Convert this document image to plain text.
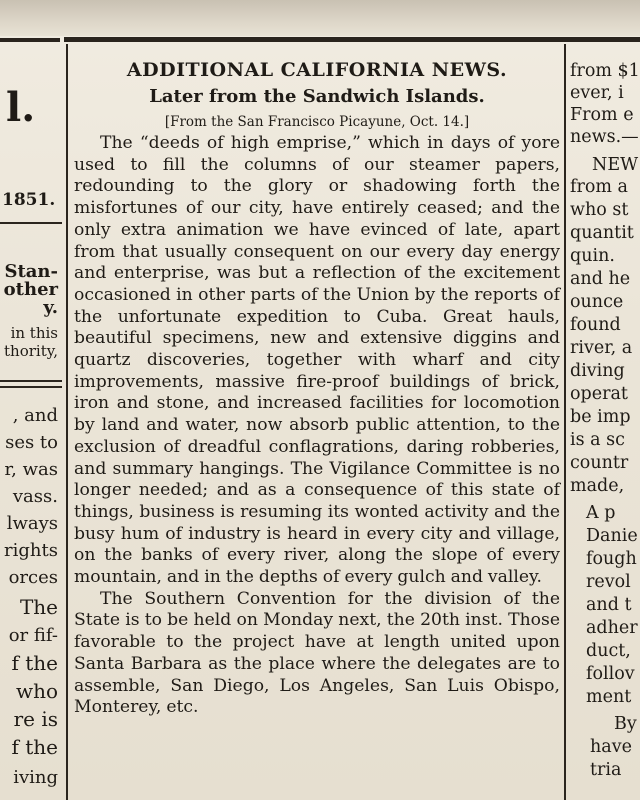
l.
1851.
Stan-
other
y.
in this
thority,
, and
ses to
r, was
vass.
lways
rights
orces
The
or fif-
f the
who
re is
f the
iving
ADDITIONAL CALIFORNIA NEWS.
Later from the Sandwich Islands.
[From the San Francisco Picayune, Oct. 14.]

The “deeds of high emprise,” which in days of yore used to fill the columns of our steamer papers, redounding to the glory or shadowing forth the misfortunes of our city, have entirely ceased; and the only extra animation we have evinced of late, apart from that usually consequent on our every day energy and enterprise, was but a reflection of the excitement occasioned in other parts of the Union by the reports of the unfortunate expedition to Cuba. Great hauls, beautiful specimens, new and extensive diggins and quartz discoveries, together with wharf and city improvements, massive fire-proof buildings of brick, iron and stone, and increased facilities for locomotion by land and water, now absorb public attention, to the exclusion of dreadful conflagrations, daring robberies, and summary hangings. The Vigilance Committee is no longer needed; and as a consequence of this state of things, business is resuming its wonted activity and the busy hum of industry is heard in every city and village, on the banks of every river, along the slope of every mountain, and in the depths of every gulch and valley.

The Southern Convention for the division of the State is to be held on Monday next, the 20th inst. Those favorable to the project have at length united upon Santa Barbara as the place where the delegates are to assemble, San Diego, Los Angeles, San Luis Obispo, Monterey, etc.

from $1
ever, i
From e
news.—
NEW
from a
who st
quantit
quin.
and he
ounce
found
river, a
diving
operat
be imp
is a sc
countr
made,
A p
Danie
fough
revol
and t
adher
duct,
follov
ment
By
have
tria
